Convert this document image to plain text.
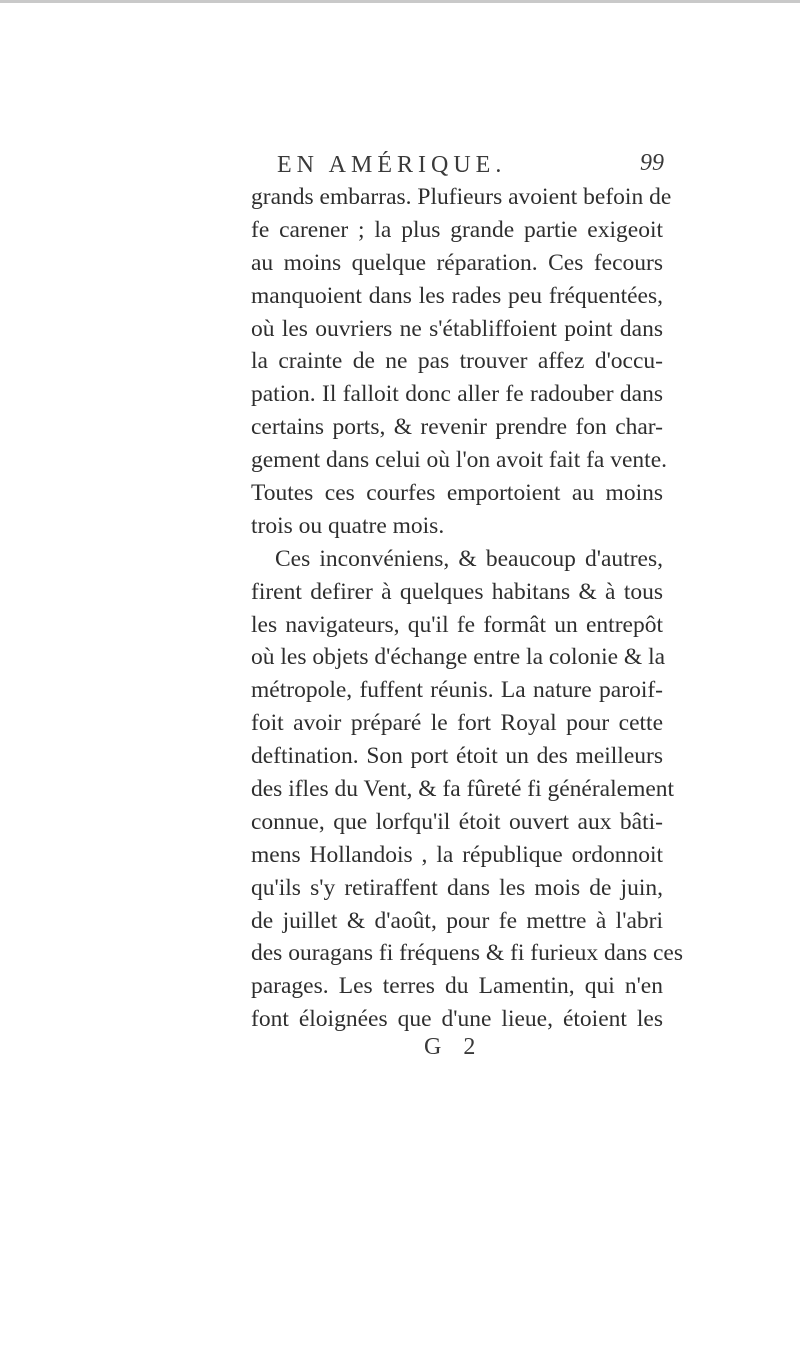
EN AMÉRIQUE.	99
grands embarras. Plufieurs avoient befoin de
fe carener ; la plus grande partie exigeoit
au moins quelque réparation. Ces fecours
manquoient dans les rades peu fréquentées,
où les ouvriers ne s'établiffoient point dans
la crainte de ne pas trouver affez d'occu-
pation. Il falloit donc aller fe radouber dans
certains ports, & revenir prendre fon char-
gement dans celui où l'on avoit fait fa vente.
Toutes ces courfes emportoient au moins
trois ou quatre mois.
Ces inconvéniens, & beaucoup d'autres,
firent defirer à quelques habitans & à tous
les navigateurs, qu'il fe formât un entrepôt
où les objets d'échange entre la colonie & la
métropole, fuffent réunis. La nature paroif-
foit avoir préparé le fort Royal pour cette
deftination. Son port étoit un des meilleurs
des ifles du Vent, & fa fûreté fi généralement
connue, que lorfqu'il étoit ouvert aux bâti-
mens Hollandois , la république ordonnoit
qu'ils s'y retiraffent dans les mois de juin,
de juillet & d'août, pour fe mettre à l'abri
des ouragans fi fréquens & fi furieux dans ces
parages. Les terres du Lamentin, qui n'en
font éloignées que d'une lieue, étoient les
G 2
